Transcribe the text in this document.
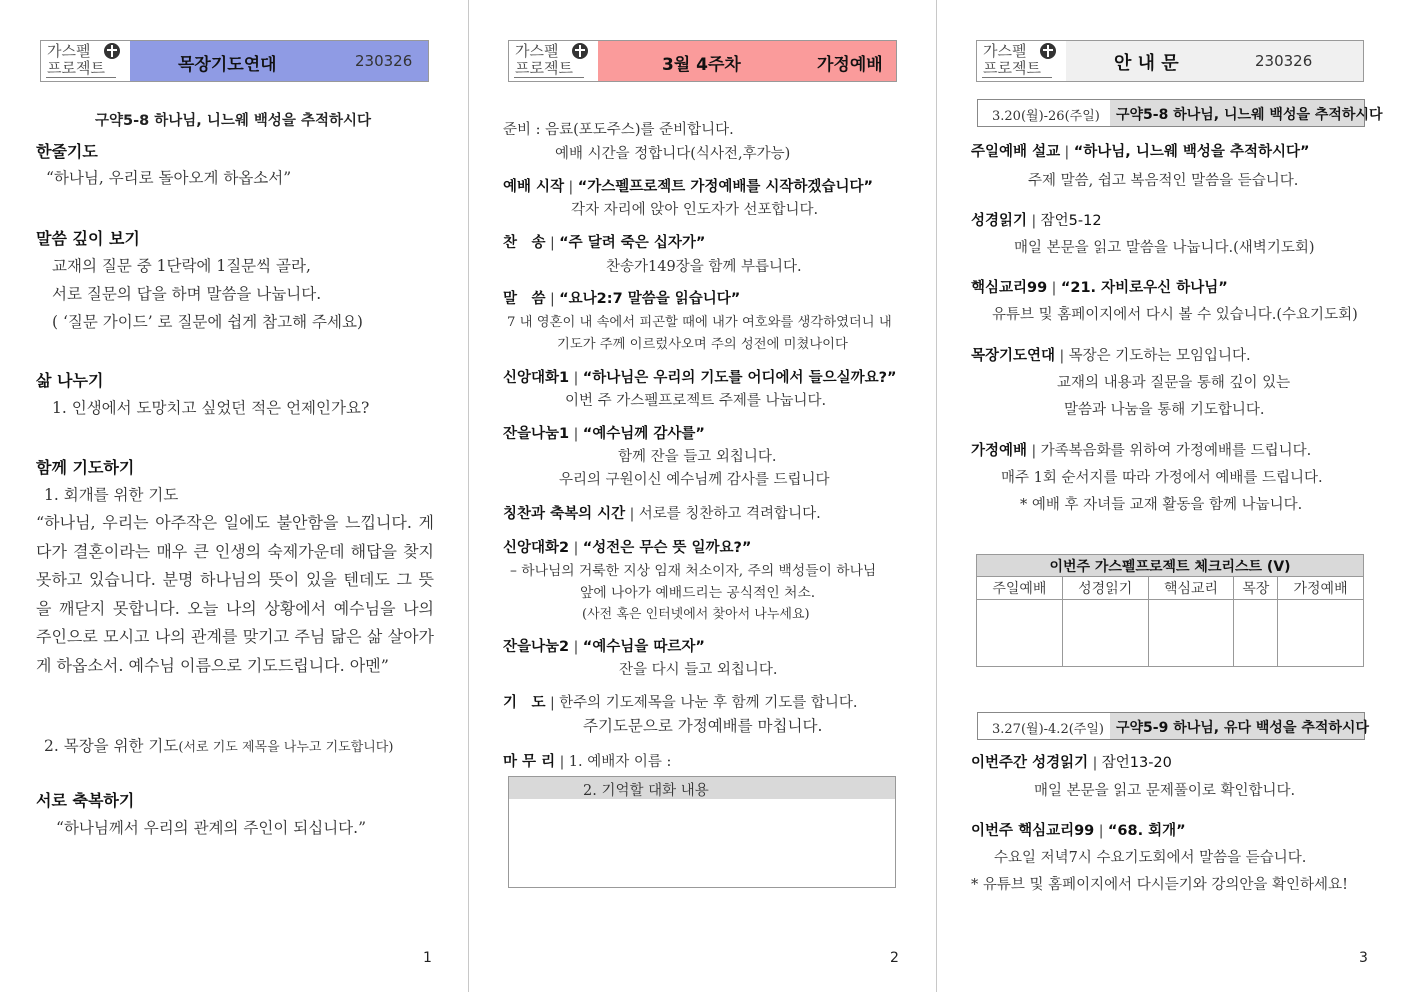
가스펠
프로젝트	목장기도연대	230326
구약5-8 하나님, 니느웨 백성을 추적하시다
한줄기도
“하나님, 우리로 돌아오게 하옵소서”
말씀 깊이 보기
교재의 질문 중 1단락에 1질문씩 골라,
서로 질문의 답을 하며 말씀을 나눕니다.
( ‘질문 가이드’ 로 질문에 쉽게 참고해 주세요)
삶 나누기
1. 인생에서 도망치고 싶었던 적은 언제인가요?
함께 기도하기
1. 회개를 위한 기도
“하나님, 우리는 아주작은 일에도 불안함을 느낍니다. 게다가 결혼이라는 매우 큰 인생의 숙제가운데 해답을 찾지 못하고 있습니다. 분명 하나님의 뜻이 있을 텐데도 그 뜻을 깨닫지 못합니다. 오늘 나의 상황에서 예수님을 나의 주인으로 모시고 나의 관계를 맞기고 주님 닮은 삶 살아가게 하옵소서. 예수님 이름으로 기도드립니다. 아멘”
2. 목장을 위한 기도(서로 기도 제목을 나누고 기도합니다)
서로 축복하기
“하나님께서 우리의 관계의 주인이 되십니다.”
1
가스펠
프로젝트	3월 4주차	가정예배
준비 : 음료(포도주스)를 준비합니다.
예배 시간을 정합니다(식사전,후가능)
예배 시작 | “가스펠프로젝트 가정예배를 시작하겠습니다”
각자 자리에 앉아 인도자가 선포합니다.
찬　송 | “주 달려 죽은 십자가”
찬송가149장을 함께 부릅니다.
말　씀 | “요나2:7 말씀을 읽습니다”
7 내 영혼이 내 속에서 피곤할 때에 내가 여호와를 생각하였더니 내
기도가 주께 이르렀사오며 주의 성전에 미쳤나이다
신앙대화1 | “하나님은 우리의 기도를 어디에서 들으실까요?”
이번 주 가스펠프로젝트 주제를 나눕니다.
잔을나눔1 | “예수님께 감사를”
함께 잔을 들고 외칩니다.
우리의 구원이신 예수님께 감사를 드립니다
칭찬과 축복의 시간 | 서로를 칭찬하고 격려합니다.
신앙대화2 | “성전은 무슨 뜻 일까요?”
– 하나님의 거룩한 지상 임재 처소이자, 주의 백성들이 하나님
앞에 나아가 예배드리는 공식적인 처소.
(사전 혹은 인터넷에서 찾아서 나누세요)
잔을나눔2 | “예수님을 따르자”
잔을 다시 들고 외칩니다.
기　도 | 한주의 기도제목을 나눈 후 함께 기도를 합니다.
주기도문으로 가정예배를 마칩니다.
마 무 리 | 1. 예배자 이름 :
2. 기억할 대화 내용
2
가스펠
프로젝트	안 내 문	230326
3.20(월)-26(주일) 구약5-8 하나님, 니느웨 백성을 추적하시다
주일예배 설교 | “하나님, 니느웨 백성을 추적하시다”
주제 말씀, 쉽고 복음적인 말씀을 듣습니다.
성경읽기 | 잠언5-12
매일 본문을 읽고 말씀을 나눕니다.(새벽기도회)
핵심교리99 | “21. 자비로우신 하나님”
유튜브 및 홈페이지에서 다시 볼 수 있습니다.(수요기도회)
목장기도연대 | 목장은 기도하는 모임입니다.
교재의 내용과 질문을 통해 깊이 있는
말씀과 나눔을 통해 기도합니다.
가정예배 | 가족복음화를 위하여 가정예배를 드립니다.
매주 1회 순서지를 따라 가정에서 예배를 드립니다.
* 예배 후 자녀들 교재 활동을 함께 나눕니다.
이번주 가스펠프로젝트 체크리스트 (V)				
주일예배	성경읽기	핵심교리	목장	가정예배

3.27(월)-4.2(주일) 구약5-9 하나님, 유다 백성을 추적하시다
이번주간 성경읽기 | 잠언13-20
매일 본문을 읽고 문제풀이로 확인합니다.
이번주 핵심교리99 | “68. 회개”
수요일 저녁7시 수요기도회에서 말씀을 듣습니다.
* 유튜브 및 홈페이지에서 다시듣기와 강의안을 확인하세요!
3
